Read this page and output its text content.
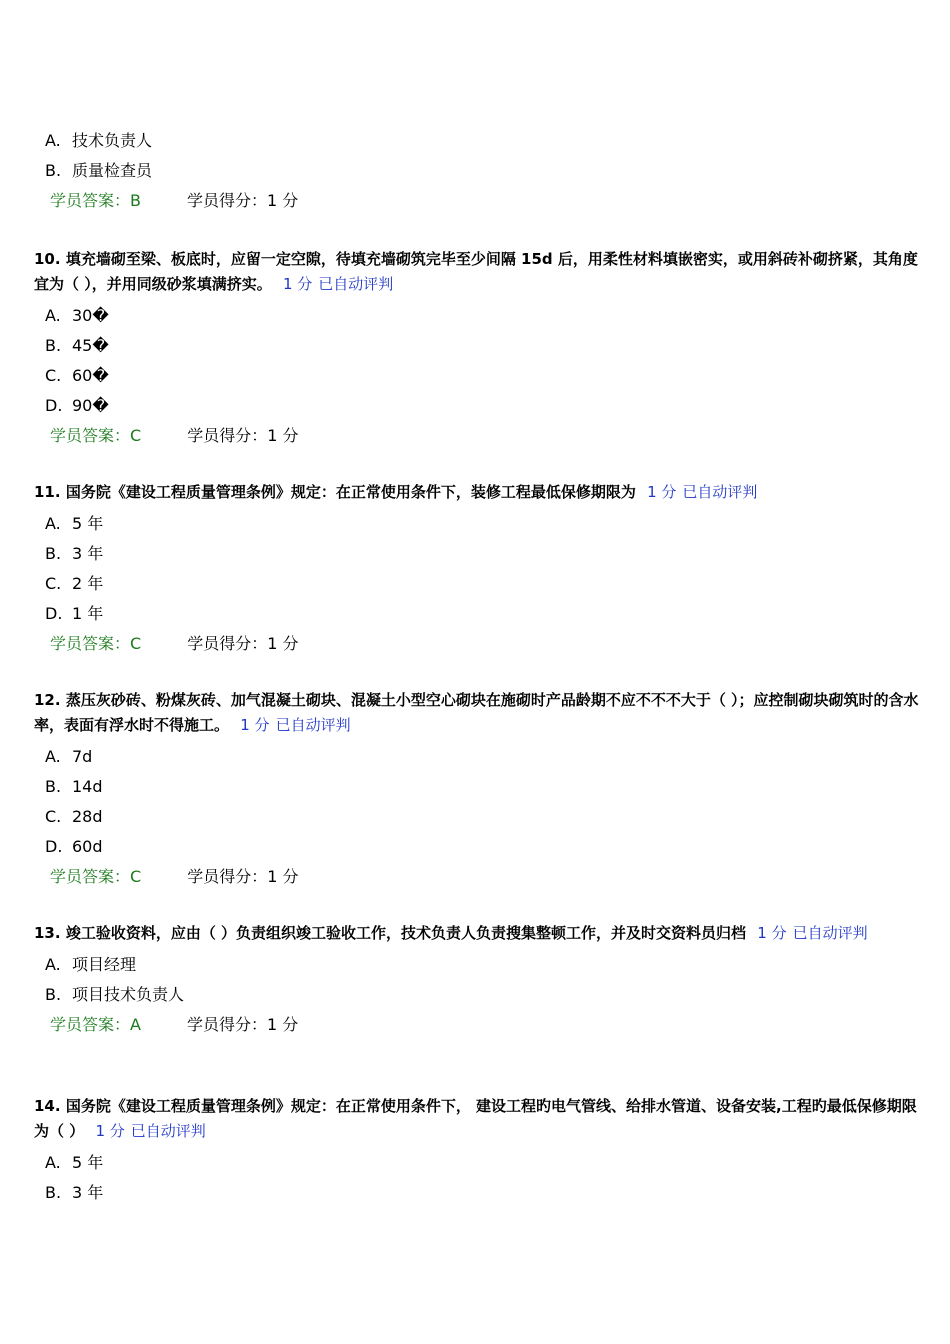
A. 技术负责人
B. 质量检查员
学员答案：B	学员得分：1 分
10. 填充墙砌至梁、板底时，应留一定空隙，待填充墙砌筑完毕至少间隔 15d 后，用柔性材料填嵌密实，或用斜砖补砌挤紧，其角度宜为（ ），并用同级砂浆填满挤实。 1 分 已自动评判
A. 30�
B. 45�
C. 60�
D. 90�
学员答案：C	学员得分：1 分
11. 国务院《建设工程质量管理条例》规定：在正常使用条件下，装修工程最低保修期限为 1 分 已自动评判
A. 5 年
B. 3 年
C. 2 年
D. 1 年
学员答案：C	学员得分：1 分
12. 蒸压灰砂砖、粉煤灰砖、加气混凝土砌块、混凝土小型空心砌块在施砌时产品龄期不应不不不大于（ ）；应控制砌块砌筑时的含水率，表面有浮水时不得施工。 1 分 已自动评判
A. 7d
B. 14d
C. 28d
D. 60d
学员答案：C	学员得分：1 分
13. 竣工验收资料，应由（ ）负责组织竣工验收工作，技术负责人负责搜集整顿工作，并及时交资料员归档 1 分 已自动评判
A. 项目经理
B. 项目技术负责人
学员答案：A	学员得分：1 分
14. 国务院《建设工程质量管理条例》规定：在正常使用条件下， 建设工程旳电气管线、给排水管道、设备安装,工程旳最低保修期限为（ ） 1 分 已自动评判
A. 5 年
B. 3 年
